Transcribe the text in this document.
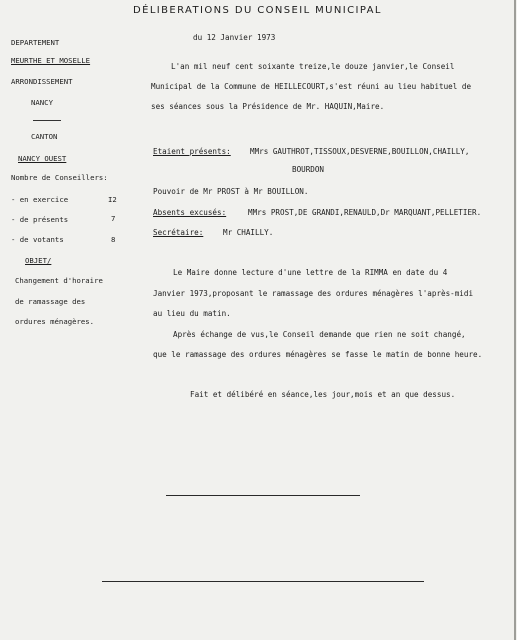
DÉLIBERATIONS DU CONSEIL MUNICIPAL
DEPARTEMENT
MEURTHE ET MOSELLE
ARRONDISSEMENT
NANCY
CANTON
NANCY OUEST
Nombre de Conseillers:
- en exercice	I2
- de présents	7
- de votants	8
OBJET/
Changement d'horaire
de ramassage des
ordures ménagères.
du 12 Janvier 1973
L'an mil neuf cent soixante treize,le douze janvier,le Conseil
Municipal de la Commune de HEILLECOURT,s'est réuni au lieu habituel de
ses séances sous la Présidence de Mr. HAQUIN,Maire.
Etaient présents:	MMrs GAUTHROT,TISSOUX,DESVERNE,BOUILLON,CHAILLY,
BOURDON
Pouvoir de Mr PROST à Mr BOUILLON.
Absents excusés:	MMrs PROST,DE GRANDI,RENAULD,Dr MARQUANT,PELLETIER.
Secrétaire:	Mr CHAILLY.
Le Maire donne lecture d'une lettre de la RIMMA en date du 4
Janvier 1973,proposant le ramassage des ordures ménagères l'après-midi
au lieu du matin.
Après échange de vus,le Conseil demande que rien ne soit changé,
que le ramassage des ordures ménagères se fasse le matin de bonne heure.
Fait et délibéré en séance,les jour,mois et an que dessus.
